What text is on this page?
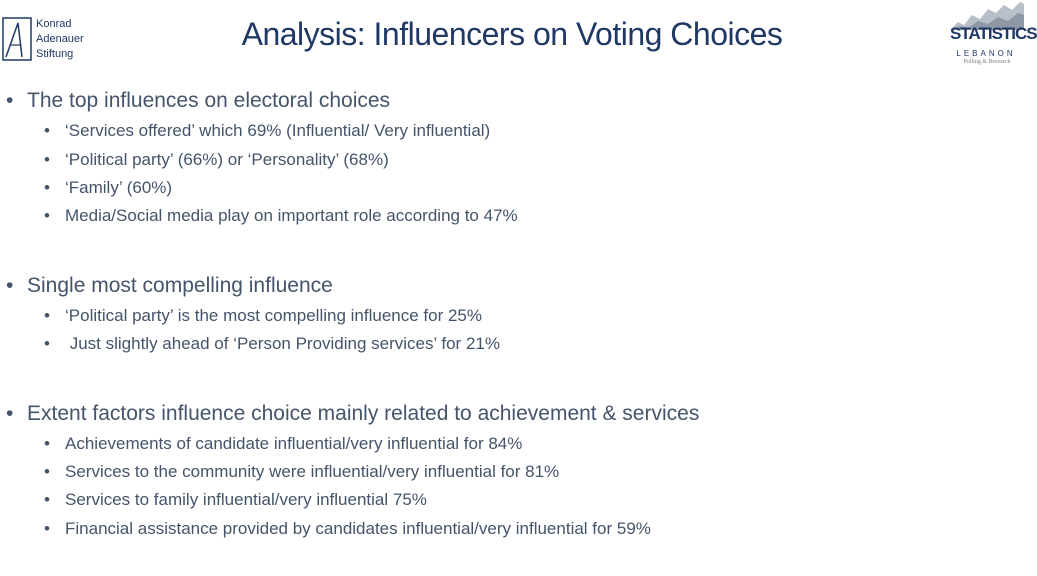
Konrad
Adenauer
Stiftung
Analysis: Influencers on Voting Choices	STATISTICS
LEBANON
Polling & Research
• The top influences on electoral choices
• ‘Services offered’ which 69% (Influential/ Very influential)
• ‘Political party’ (66%) or ‘Personality’ (68%)
• ‘Family’ (60%)
• Media/Social media play on important role according to 47%
• Single most compelling influence
• ‘Political party’ is the most compelling influence for 25%
• Just slightly ahead of ‘Person Providing services’ for 21%
• Extent factors influence choice mainly related to achievement & services
• Achievements of candidate influential/very influential for 84%
• Services to the community were influential/very influential for 81%
• Services to family influential/very influential 75%
• Financial assistance provided by candidates influential/very influential for 59%
